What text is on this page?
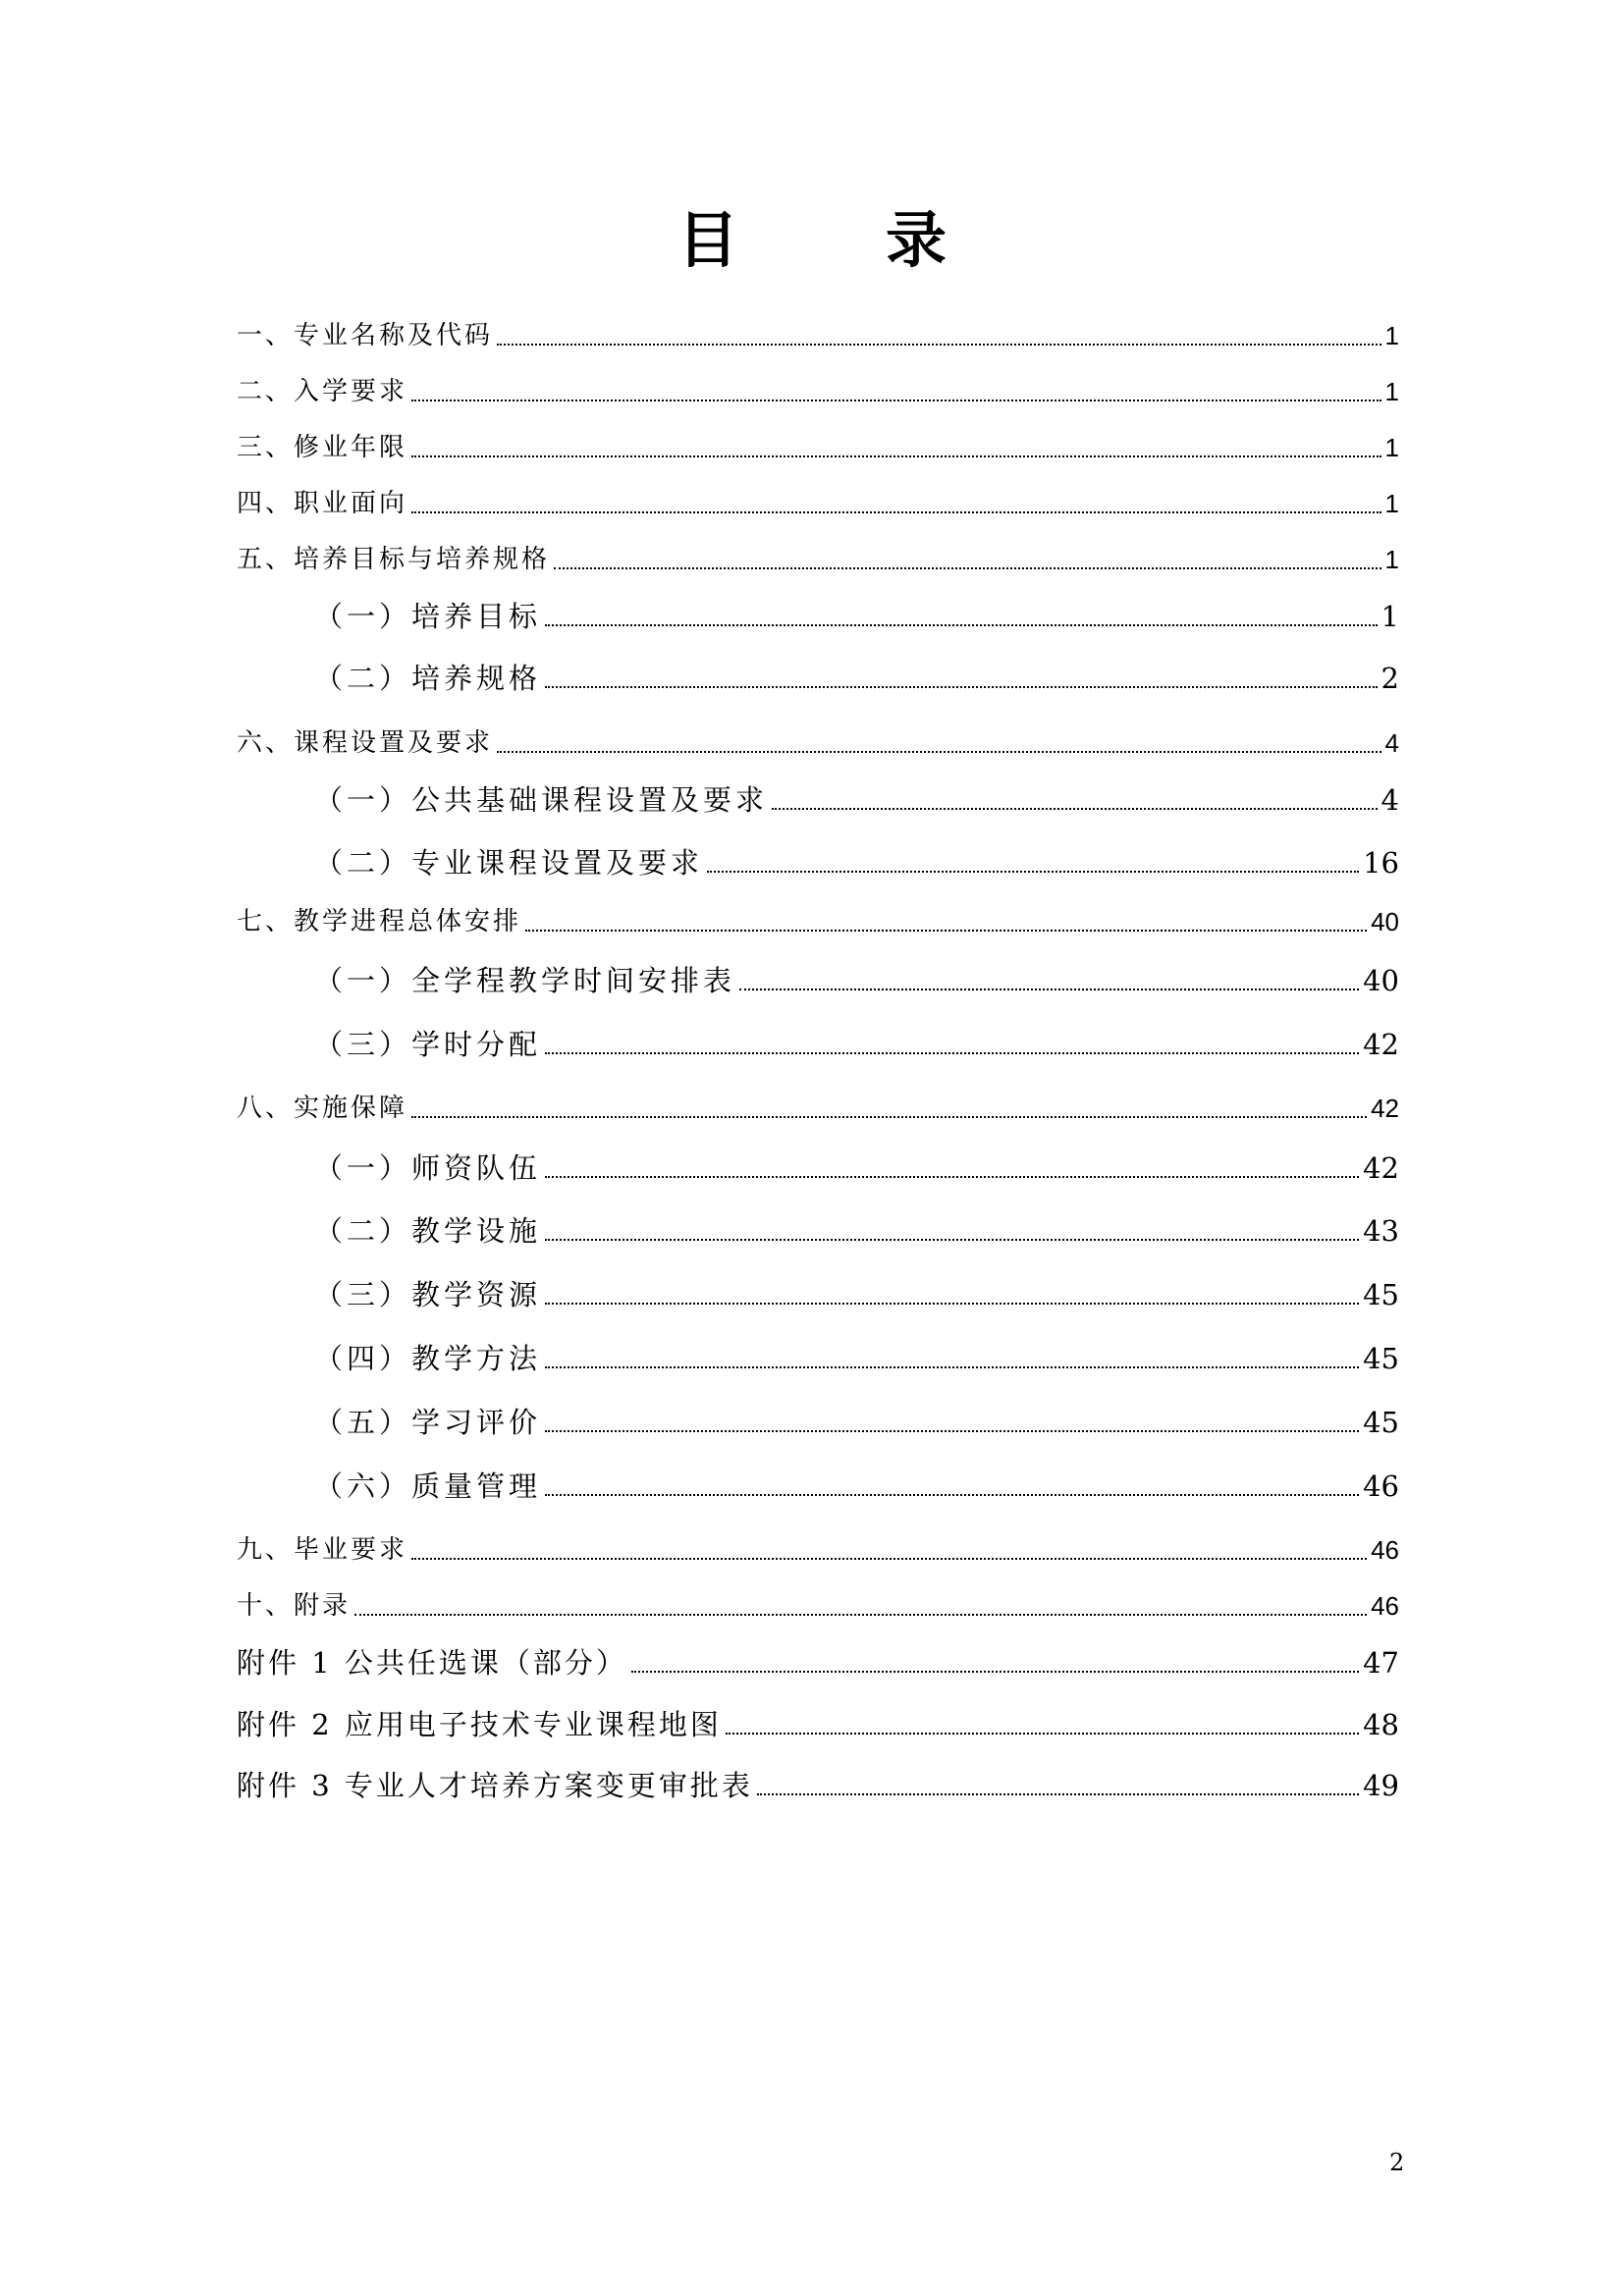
目录
一、专业名称及代码	1
二、入学要求	1
三、修业年限	1
四、职业面向	1
五、培养目标与培养规格	1
（一）培养目标	1
（二）培养规格	2
六、课程设置及要求	4
（一）公共基础课程设置及要求	4
（二）专业课程设置及要求	16
七、教学进程总体安排	40
（一）全学程教学时间安排表	40
（三）学时分配	42
八、实施保障	42
（一）师资队伍	42
（二）教学设施	43
（三）教学资源	45
（四）教学方法	45
（五）学习评价	45
（六）质量管理	46
九、毕业要求	46
十、附录	46
附件 1 公共任选课（部分）	47
附件 2 应用电子技术专业课程地图	48
附件 3 专业人才培养方案变更审批表	49
2
